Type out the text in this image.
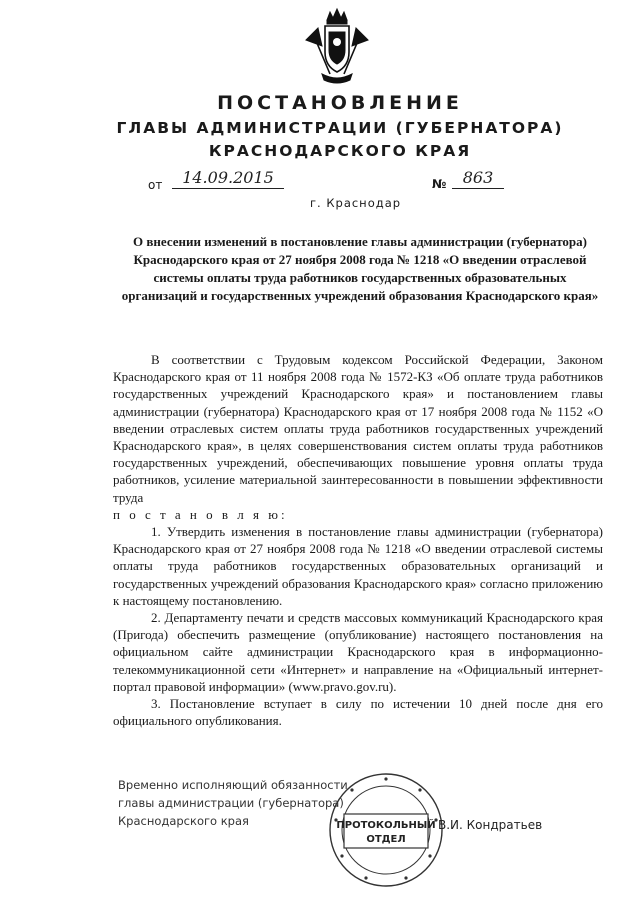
ПОСТАНОВЛЕНИЕ
ГЛАВЫ АДМИНИСТРАЦИИ (ГУБЕРНАТОРА)
КРАСНОДАРСКОГО КРАЯ
от	14.09.2015	№	863
г. Краснодар
О внесении изменений в постановление главы администрации (губернатора) Краснодарского края от 27 ноября 2008 года № 1218 «О введении отраслевой системы оплаты труда работников государственных образовательных организаций и государственных учреждений образования Краснодарского края»

В соответствии с Трудовым кодексом Российской Федерации, Законом Краснодарского края от 11 ноября 2008 года № 1572-КЗ «Об оплате труда работников государственных учреждений Краснодарского края» и постановлением главы администрации (губернатора) Краснодарского края от 17 ноября 2008 года № 1152 «О введении отраслевых систем оплаты труда работников государственных учреждений Краснодарского края», в целях совершенствования систем оплаты труда работников государственных учреждений, обеспечивающих повышение уровня оплаты труда работников, усиление материальной заинтересованности в повышении эффективности труда

п о с т а н о в л я ю:

1. Утвердить изменения в постановление главы администрации (губернатора) Краснодарского края от 27 ноября 2008 года № 1218 «О введении отраслевой системы оплаты труда работников государственных образовательных организаций и государственных учреждений образования Краснодарского края» согласно приложению к настоящему постановлению.

2. Департаменту печати и средств массовых коммуникаций Краснодарского края (Пригода) обеспечить размещение (опубликование) настоящего постановления на официальном сайте администрации Краснодарского края в информационно-телекоммуникационной сети «Интернет» и направление на «Официальный интернет-портал правовой информации» (www.pravo.gov.ru).

3. Постановление вступает в силу по истечении 10 дней после дня его официального опубликования.

Временно исполняющий обязанности
главы администрации (губернатора)
Краснодарского края	ПРОТОКОЛЬНЫЙ
ОТДЕЛ
В.И. Кондратьев
